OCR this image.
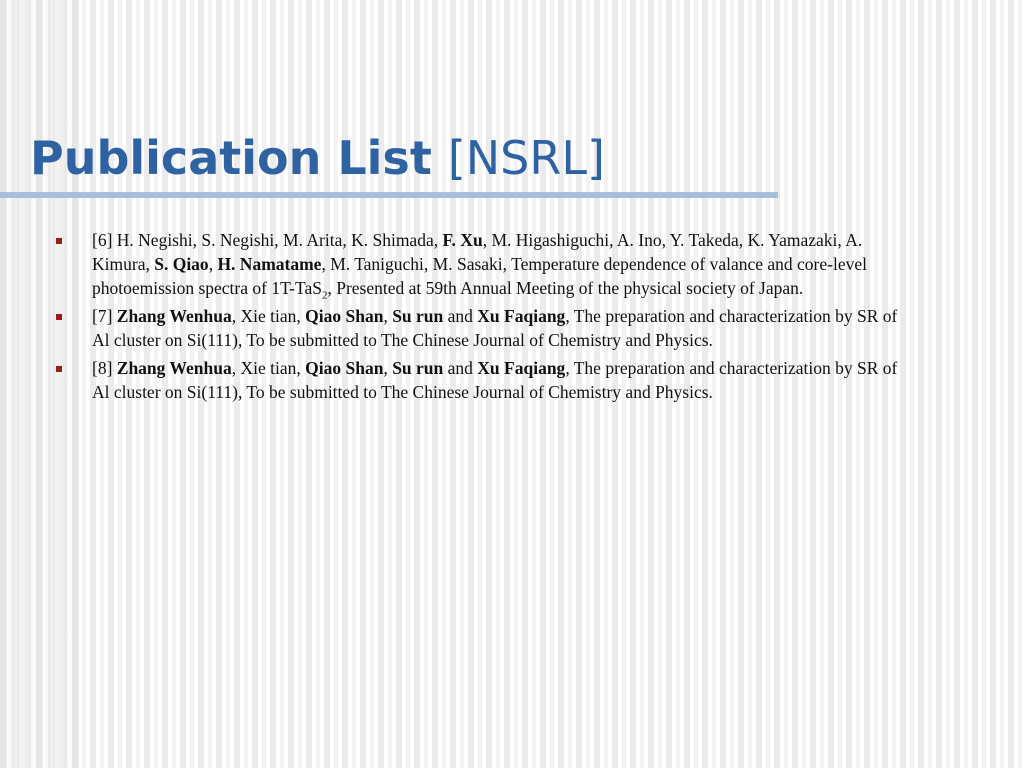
Publication List [NSRL]
[6] H. Negishi, S. Negishi, M. Arita, K. Shimada, F. Xu, M. Higashiguchi, A. Ino, Y. Takeda, K. Yamazaki, A. Kimura, S. Qiao, H. Namatame, M. Taniguchi, M. Sasaki, Temperature dependence of valance and core-level photoemission spectra of 1T-TaS$_2$, Presented at 59th Annual Meeting of the physical society of Japan.
[7] Zhang Wenhua, Xie tian, Qiao Shan, Su run and Xu Faqiang, The preparation and characterization by SR of Al cluster on Si(111), To be submitted to The Chinese Journal of Chemistry and Physics.
[8] Zhang Wenhua, Xie tian, Qiao Shan, Su run and Xu Faqiang, The preparation and characterization by SR of Al cluster on Si(111), To be submitted to The Chinese Journal of Chemistry and Physics.
